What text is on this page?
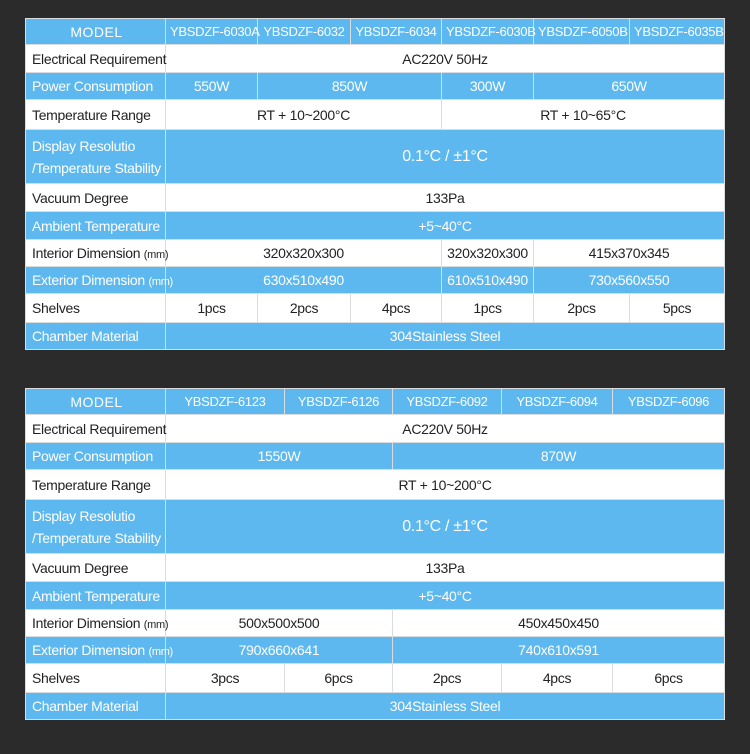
MODEL	YBSDZF-6030A	YBSDZF-6032	YBSDZF-6034	YBSDZF-6030B	YBSDZF-6050B	YBSDZF-6035B
Electrical Requirement	AC220V 50Hz					
Power Consumption	550W	850W		300W	650W	
Temperature Range	RT + 10~200°C			RT + 10~65°C		
Display Resolutio
/Temperature Stability	0.1°C / ±1°C					
Vacuum Degree	133Pa					
Ambient Temperature	+5~40°C					
Interior Dimension (mm)	320x320x300			320x320x300	415x370x345	
Exterior Dimension (mm)	630x510x490			610x510x490	730x560x550	
Shelves	1pcs	2pcs	4pcs	1pcs	2pcs	5pcs
Chamber Material	304Stainless Steel					
MODEL	YBSDZF-6123	YBSDZF-6126	YBSDZF-6092	YBSDZF-6094	YBSDZF-6096
Electrical Requirement	AC220V 50Hz				
Power Consumption	1550W		870W		
Temperature Range	RT + 10~200°C				
Display Resolutio
/Temperature Stability	0.1°C / ±1°C				
Vacuum Degree	133Pa				
Ambient Temperature	+5~40°C				
Interior Dimension (mm)	500x500x500		450x450x450		
Exterior Dimension (mm)	790x660x641		740x610x591		
Shelves	3pcs	6pcs	2pcs	4pcs	6pcs
Chamber Material	304Stainless Steel				
